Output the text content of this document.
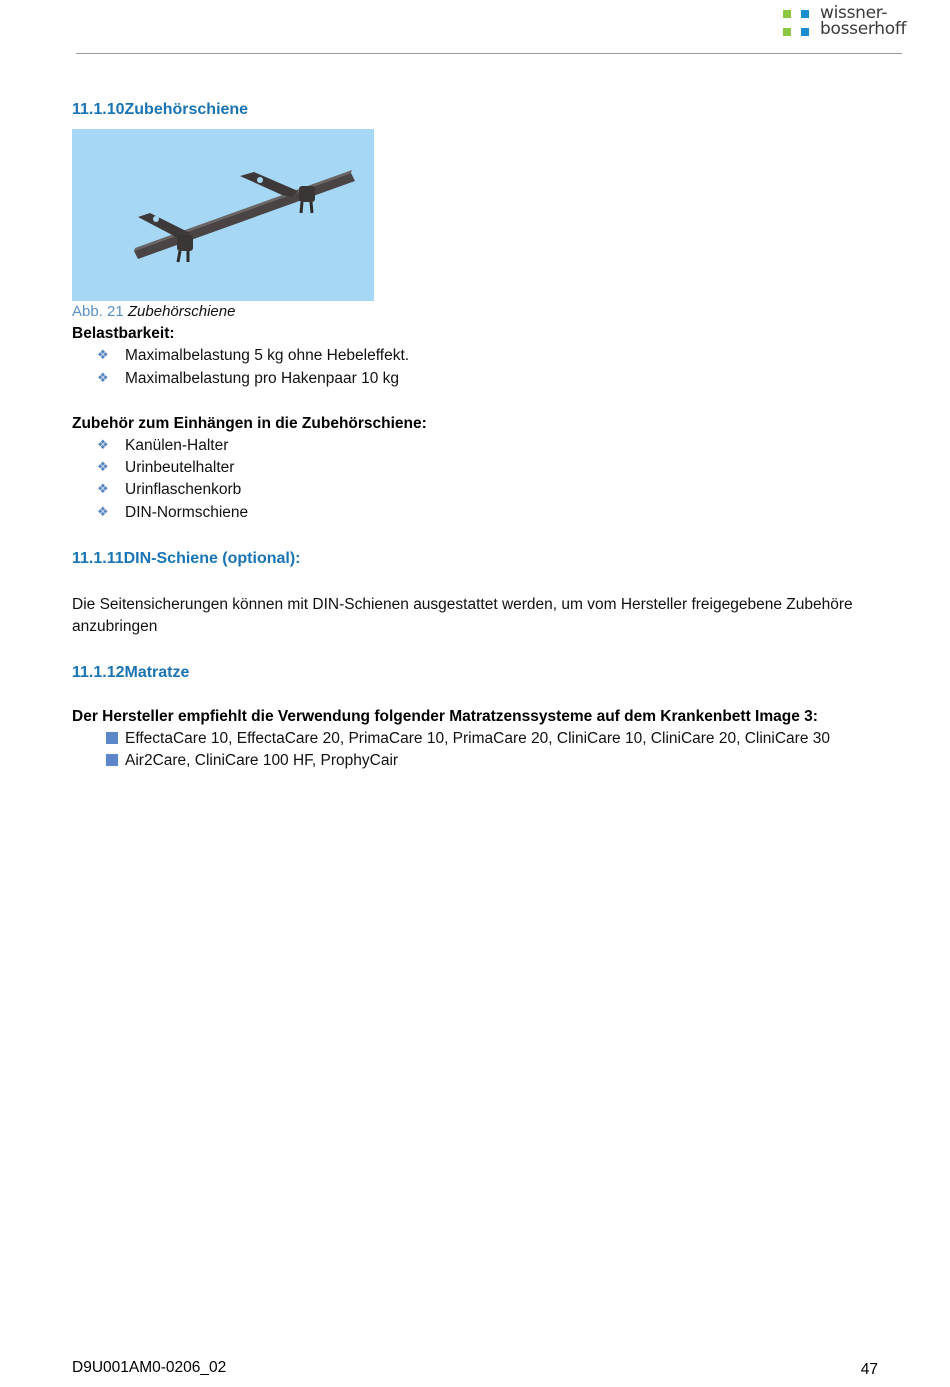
wissner-
bosserhoff
11.1.10Zubehörschiene
Abb. 21 Zubehörschiene
Belastbarkeit:
❖ Maximalbelastung 5 kg ohne Hebeleffekt.
❖ Maximalbelastung pro Hakenpaar 10 kg
Zubehör zum Einhängen in die Zubehörschiene:
❖ Kanülen-Halter
❖ Urinbeutelhalter
❖ Urinflaschenkorb
❖ DIN-Normschiene
11.1.11DIN-Schiene (optional):
Die Seitensicherungen können mit DIN-Schienen ausgestattet werden, um vom Hersteller freigegebene Zubehöre anzubringen
11.1.12Matratze
Der Hersteller empfiehlt die Verwendung folgender Matratzenssysteme auf dem Krankenbett Image 3:
EffectaCare 10, EffectaCare 20, PrimaCare 10, PrimaCare 20, CliniCare 10, CliniCare 20, CliniCare 30
Air2Care, CliniCare 100 HF, ProphyCair
D9U001AM0-0206_02	47
